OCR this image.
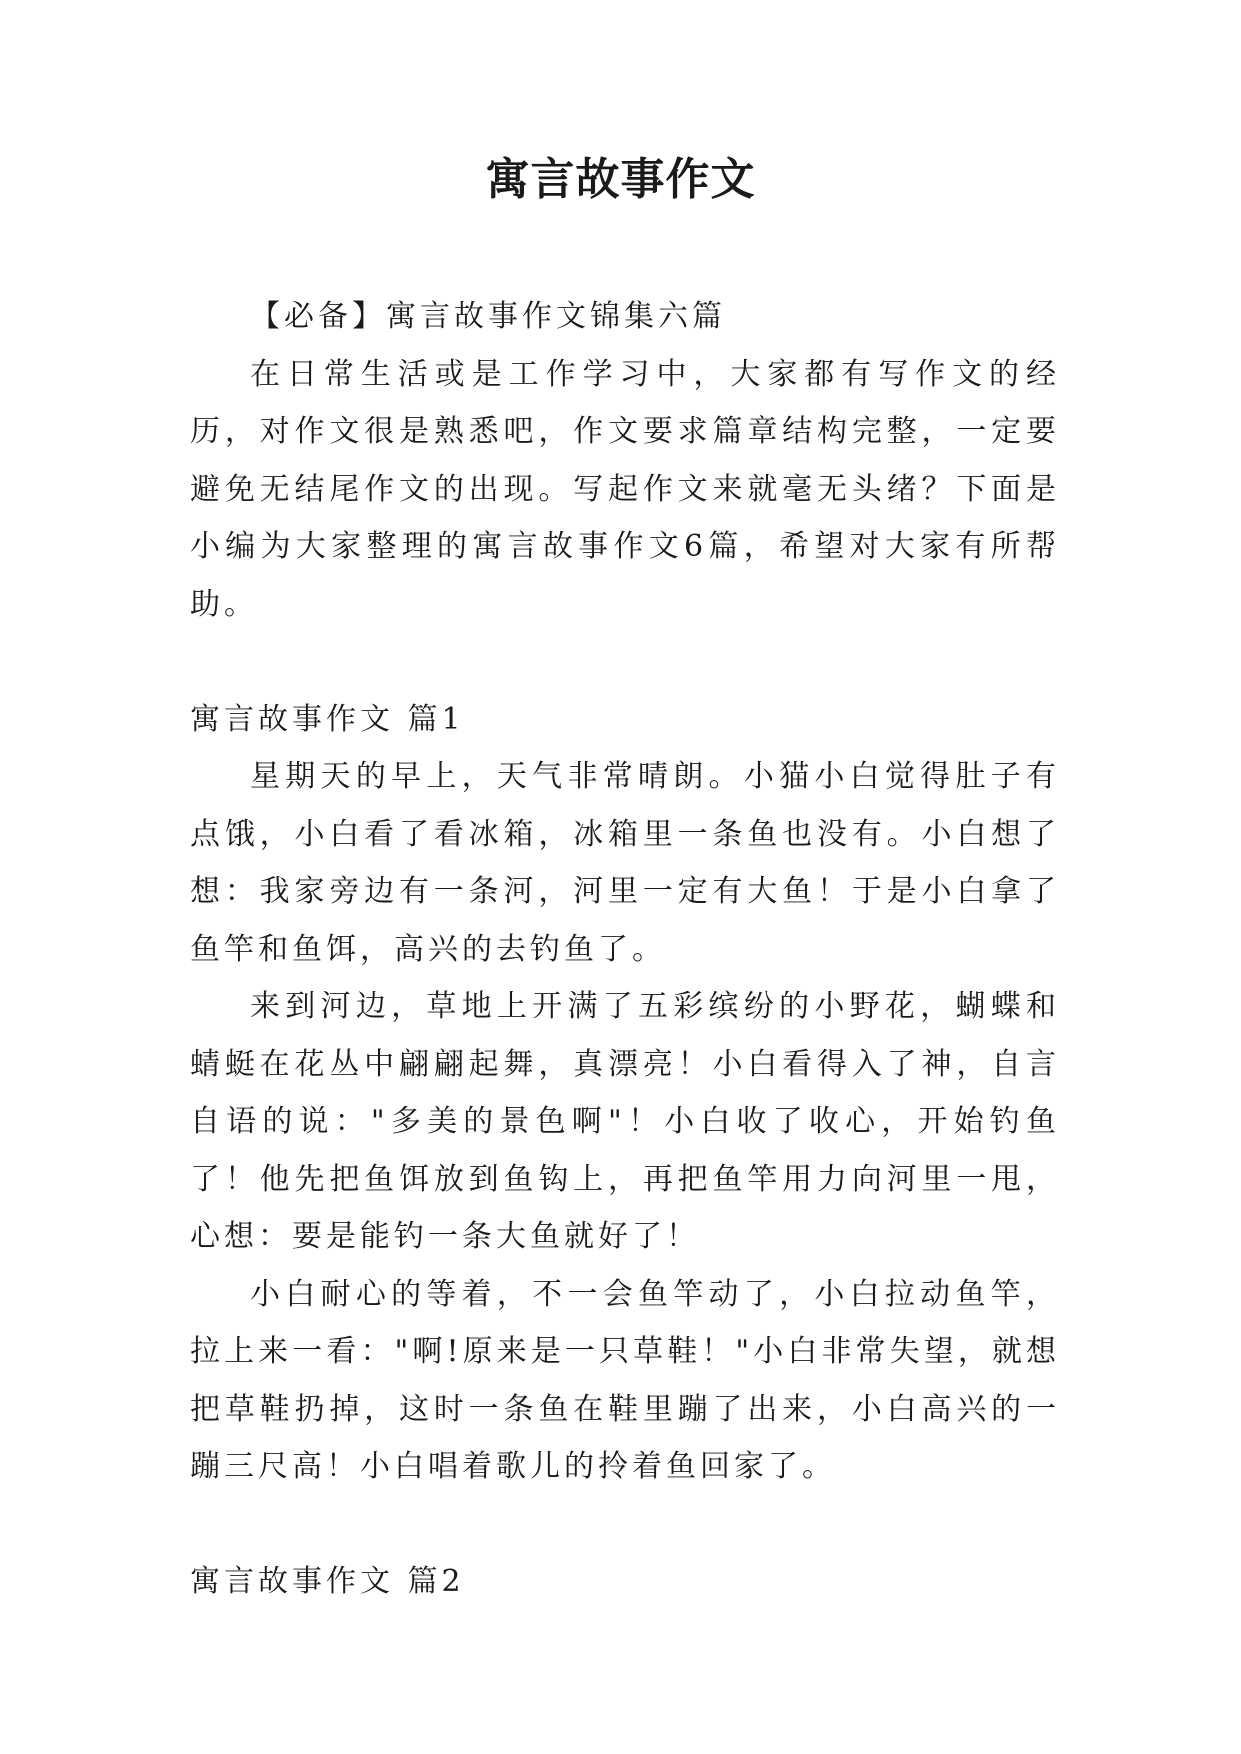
寓言故事作文

【必备】寓言故事作文锦集六篇

在日常生活或是工作学习中，大家都有写作文的经历，对作文很是熟悉吧，作文要求篇章结构完整，一定要避免无结尾作文的出现。写起作文来就毫无头绪？下面是小编为大家整理的寓言故事作文6篇，希望对大家有所帮助。

寓言故事作文 篇1

星期天的早上，天气非常晴朗。小猫小白觉得肚子有点饿，小白看了看冰箱，冰箱里一条鱼也没有。小白想了想：我家旁边有一条河，河里一定有大鱼！于是小白拿了鱼竿和鱼饵，高兴的去钓鱼了。

来到河边，草地上开满了五彩缤纷的小野花，蝴蝶和蜻蜓在花丛中翩翩起舞，真漂亮！小白看得入了神，自言自语的说："多美的景色啊"！小白收了收心，开始钓鱼了！他先把鱼饵放到鱼钩上，再把鱼竿用力向河里一甩，心想：要是能钓一条大鱼就好了！

小白耐心的等着，不一会鱼竿动了，小白拉动鱼竿，拉上来一看："啊!原来是一只草鞋！"小白非常失望，就想把草鞋扔掉，这时一条鱼在鞋里蹦了出来，小白高兴的一蹦三尺高！小白唱着歌儿的拎着鱼回家了。

寓言故事作文 篇2
